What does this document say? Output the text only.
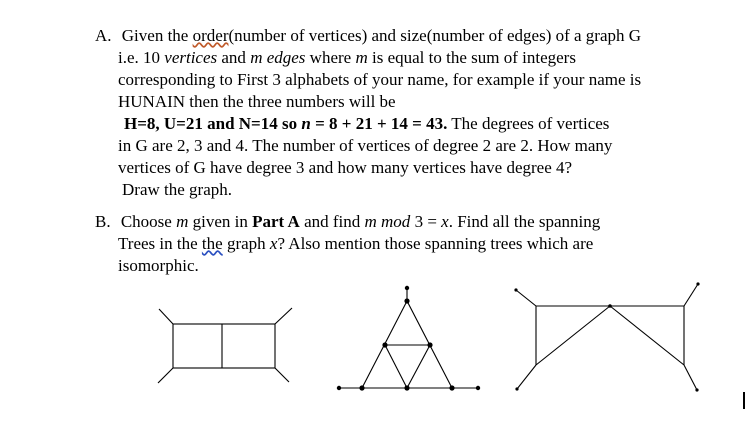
A. Given the order(number of vertices) and size(number of edges) of a graph G
i.e. 10 vertices and m edges where m is equal to the sum of integers
corresponding to First 3 alphabets of your name, for example if your name is
HUNAIN then the three numbers will be
H=8, U=21 and N=14 so n = 8 + 21 + 14 = 43. The degrees of vertices
in G are 2, 3 and 4. The number of vertices of degree 2 are 2. How many
vertices of G have degree 3 and how many vertices have degree 4?
Draw the graph.
B. Choose m given in Part A and find m mod 3 = x. Find all the spanning
Trees in the the graph x? Also mention those spanning trees which are
isomorphic.
